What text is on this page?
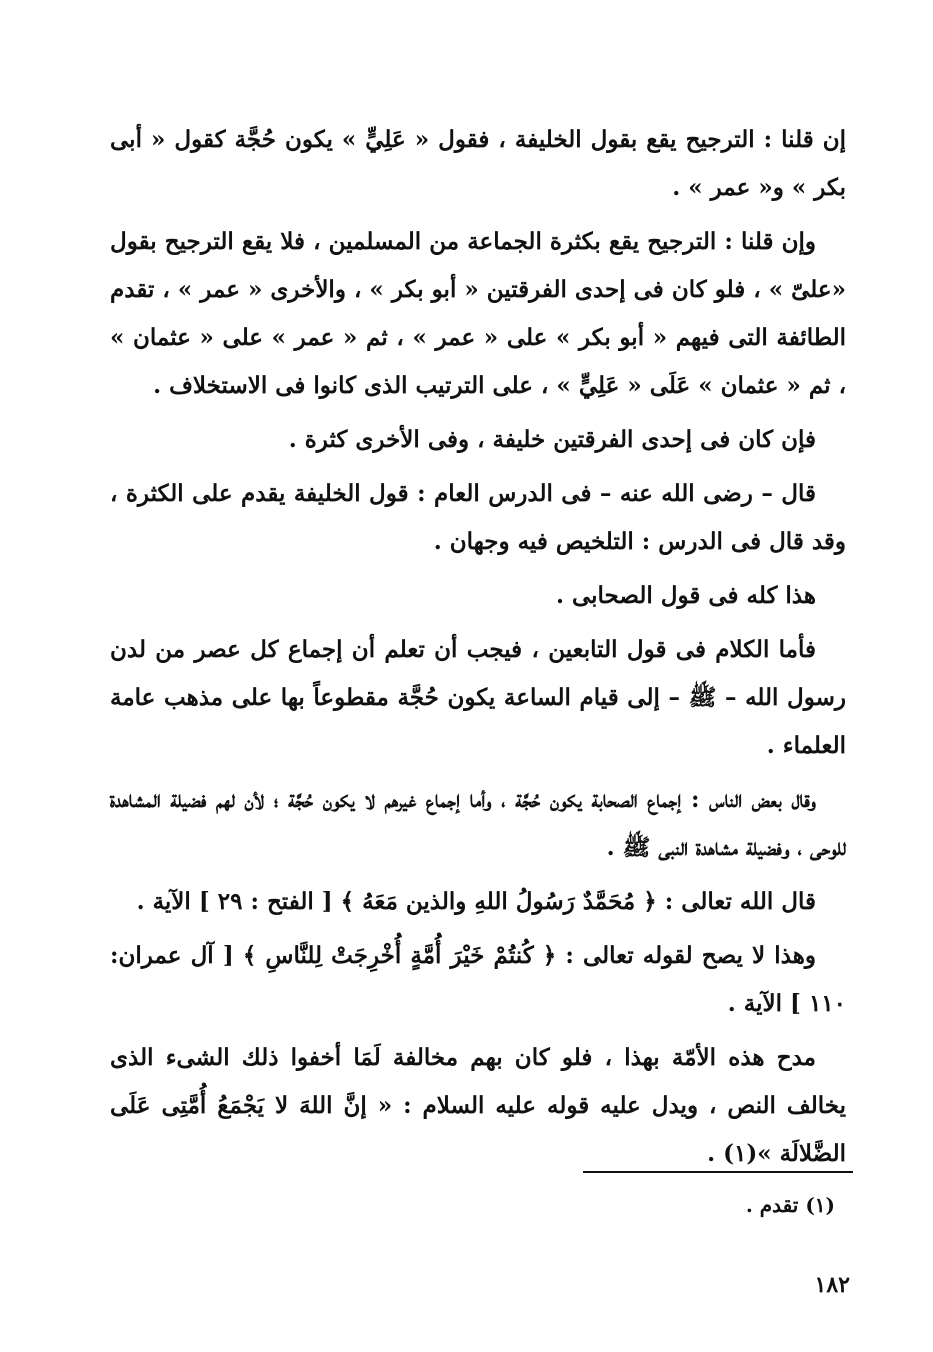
إن قلنا : الترجيح يقع بقول الخليفة ، فقول « عَلِيٍّ » يكون حُجَّة كقول « أبى بكر » و« عمر » .

وإن قلنا : الترجيح يقع بكثرة الجماعة من المسلمين ، فلا يقع الترجيح بقول «علىّ » ، فلو كان فى إحدى الفرقتين « أبو بكر » ، والأخرى « عمر » ، تقدم الطائفة التى فيهم « أبو بكر » على « عمر » ، ثم « عمر » على « عثمان » ، ثم « عثمان » عَلَى « عَلِيٍّ » ، على الترتيب الذى كانوا فى الاستخلاف .

فإن كان فى إحدى الفرقتين خليفة ، وفى الأخرى كثرة .

قال – رضى الله عنه – فى الدرس العام : قول الخليفة يقدم على الكثرة ، وقد قال فى الدرس : التلخيص فيه وجهان .

هذا كله فى قول الصحابى .

فأما الكلام فى قول التابعين ، فيجب أن تعلم أن إجماع كل عصر من لدن رسول الله – ﷺ – إلى قيام الساعة يكون حُجَّة مقطوعاً بها على مذهب عامة العلماء .

وقال بعض الناس : إجماع الصحابة يكون حُجَّة ، وأما إجماع غيرهم لا يكون حُجَّة ؛ لأن لهم فضيلة المشاهدة للوحى ، وفضيلة مشاهدة النبى ﷺ .

قال الله تعالى : ﴿ مُحَمَّدٌ رَسُولُ اللهِ والذين مَعَهُ ﴾ [ الفتح : ٢٩ ] الآية .

وهذا لا يصح لقوله تعالى : ﴿ كُنتُمْ خَيْرَ أُمَّةٍ أُخْرِجَتْ لِلنَّاسِ ﴾ [ آل عمران: ١١٠ ] الآية .

مدح هذه الأمّة بهذا ، فلو كان بهم مخالفة لَمَا أخفوا ذلك الشىء الذى يخالف النص ، ويدل عليه قوله عليه السلام : « إنَّ اللهَ لا يَجْمَعُ أُمَّتِى عَلَى الضَّلالَة »(١) .

(١) تقدم .
١٨٢
